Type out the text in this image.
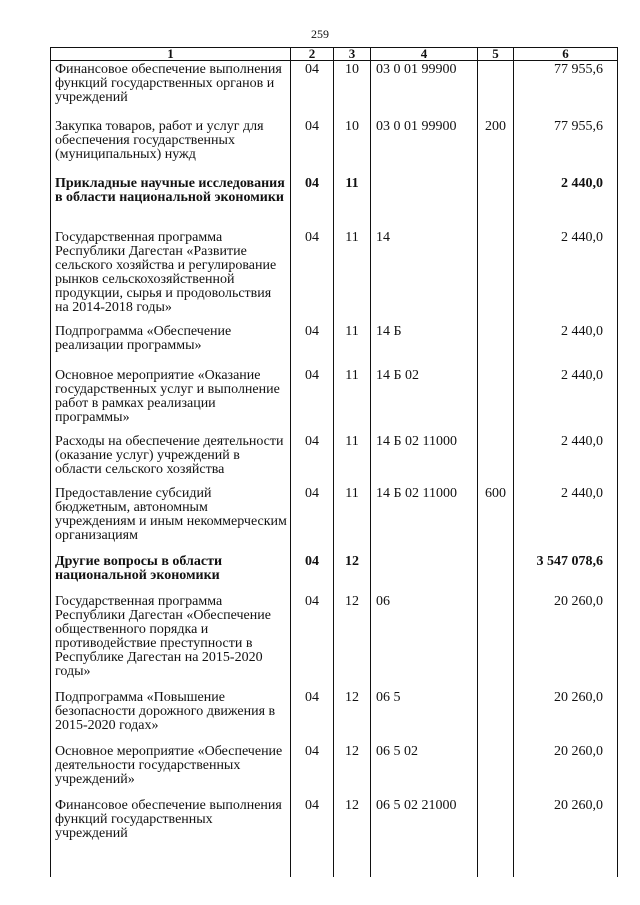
259
1	2	3	4	5	6
Финансовое обеспечение выполнения функций государственных органов и учреждений	04	10	03 0 01 99900		77 955,6
Закупка товаров, работ и услуг для обеспечения государственных (муниципальных) нужд	04	10	03 0 01 99900	200	77 955,6
Прикладные научные исследования в области национальной экономики	04	11			2 440,0
Государственная программа Республики Дагестан «Развитие сельского хозяйства и регулирование рынков сельскохозяйственной продукции, сырья и продовольствия на 2014-2018 годы»	04	11	14		2 440,0
Подпрограмма «Обеспечение реализации программы»	04	11	14 Б		2 440,0
Основное мероприятие «Оказание государственных услуг и выполнение работ в рамках реализации программы»	04	11	14 Б 02		2 440,0
Расходы на обеспечение деятельности (оказание услуг) учреждений в области сельского хозяйства	04	11	14 Б 02 11000		2 440,0
Предоставление субсидий бюджетным, автономным учреждениям и иным некоммерческим организациям	04	11	14 Б 02 11000	600	2 440,0
Другие вопросы в области национальной экономики	04	12			3 547 078,6
Государственная программа Республики Дагестан «Обеспечение общественного порядка и противодействие преступности в Республике Дагестан на 2015-2020 годы»	04	12	06		20 260,0
Подпрограмма «Повышение безопасности дорожного движения в 2015-2020 годах»	04	12	06 5		20 260,0
Основное мероприятие «Обеспечение деятельности государственных учреждений»	04	12	06 5 02		20 260,0
Финансовое обеспечение выполнения функций государственных учреждений	04	12	06 5 02 21000		20 260,0
